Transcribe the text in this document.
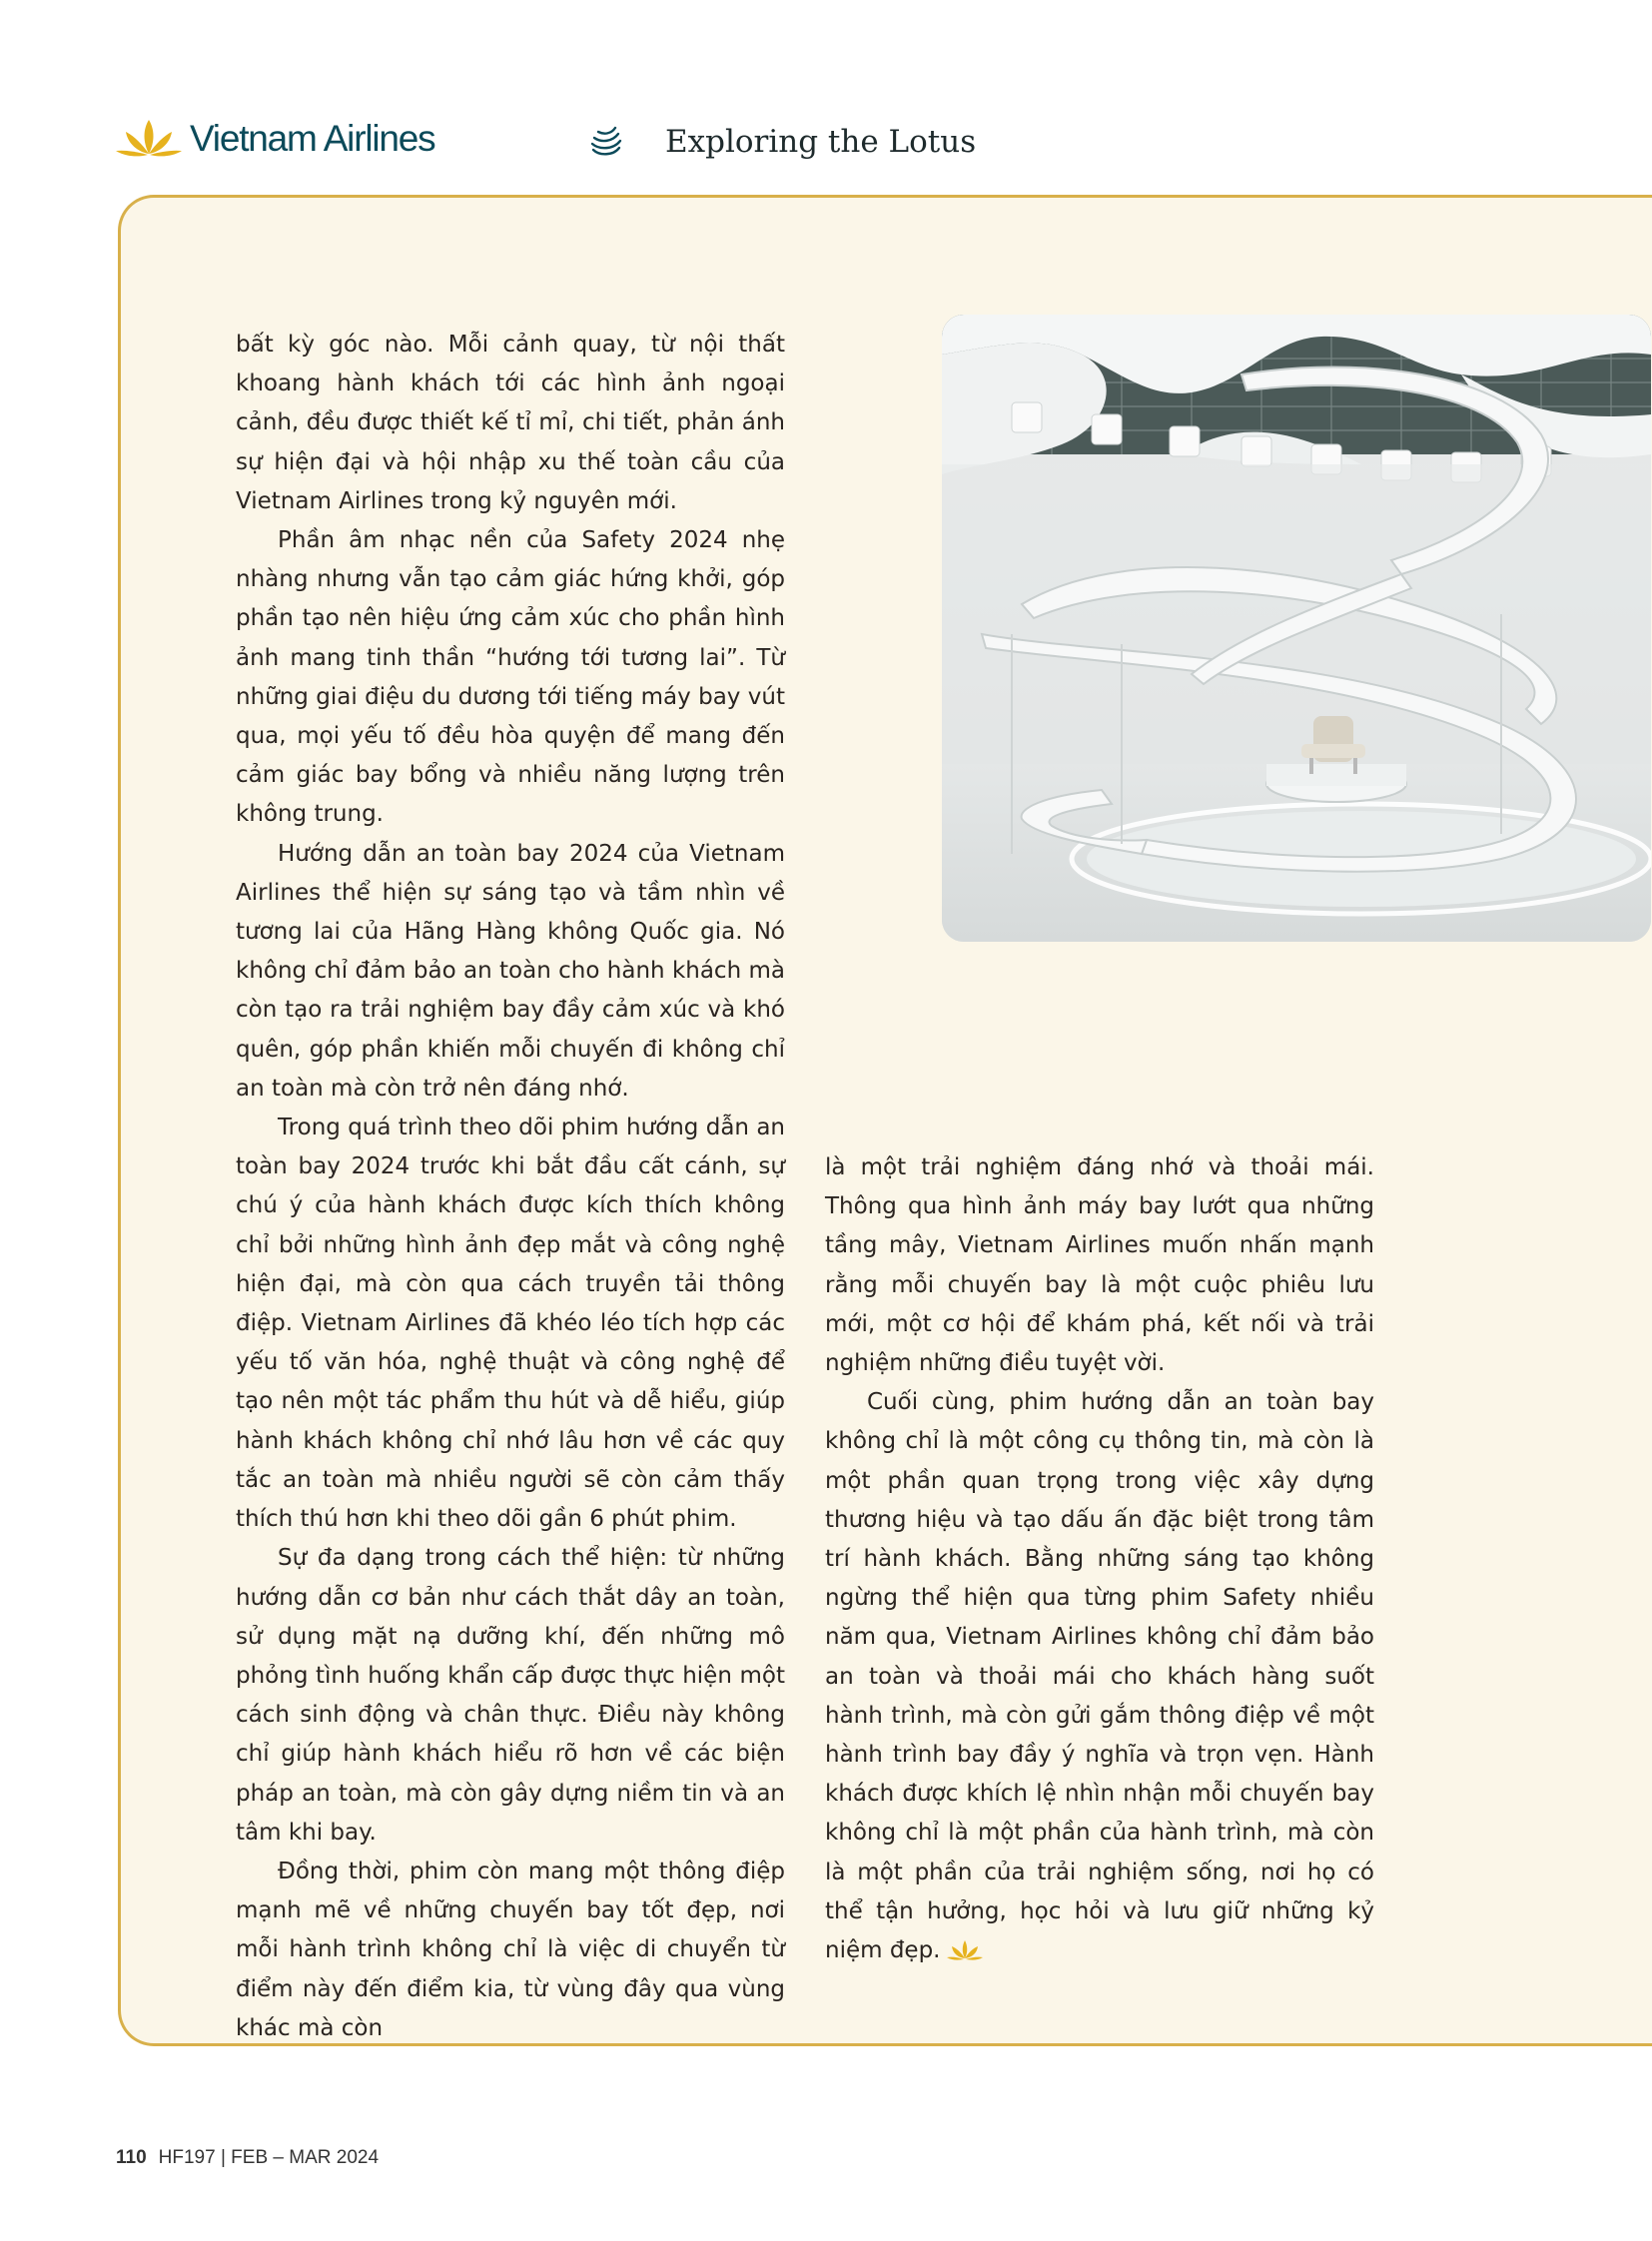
Vietnam Airlines	Exploring the Lotus

bất kỳ góc nào. Mỗi cảnh quay, từ nội thất khoang hành khách tới các hình ảnh ngoại cảnh, đều được thiết kế tỉ mỉ, chi tiết, phản ánh sự hiện đại và hội nhập xu thế toàn cầu của Vietnam Airlines trong kỷ nguyên mới.

Phần âm nhạc nền của Safety 2024 nhẹ nhàng nhưng vẫn tạo cảm giác hứng khởi, góp phần tạo nên hiệu ứng cảm xúc cho phần hình ảnh mang tinh thần “hướng tới tương lai”. Từ những giai điệu du dương tới tiếng máy bay vút qua, mọi yếu tố đều hòa quyện để mang đến cảm giác bay bổng và nhiều năng lượng trên không trung.

Hướng dẫn an toàn bay 2024 của Vietnam Airlines thể hiện sự sáng tạo và tầm nhìn về tương lai của Hãng Hàng không Quốc gia. Nó không chỉ đảm bảo an toàn cho hành khách mà còn tạo ra trải nghiệm bay đầy cảm xúc và khó quên, góp phần khiến mỗi chuyến đi không chỉ an toàn mà còn trở nên đáng nhớ.

Trong quá trình theo dõi phim hướng dẫn an toàn bay 2024 trước khi bắt đầu cất cánh, sự chú ý của hành khách được kích thích không chỉ bởi những hình ảnh đẹp mắt và công nghệ hiện đại, mà còn qua cách truyền tải thông điệp. Vietnam Airlines đã khéo léo tích hợp các yếu tố văn hóa, nghệ thuật và công nghệ để tạo nên một tác phẩm thu hút và dễ hiểu, giúp hành khách không chỉ nhớ lâu hơn về các quy tắc an toàn mà nhiều người sẽ còn cảm thấy thích thú hơn khi theo dõi gần 6 phút phim.

Sự đa dạng trong cách thể hiện: từ những hướng dẫn cơ bản như cách thắt dây an toàn, sử dụng mặt nạ dưỡng khí, đến những mô phỏng tình huống khẩn cấp được thực hiện một cách sinh động và chân thực. Điều này không chỉ giúp hành khách hiểu rõ hơn về các biện pháp an toàn, mà còn gây dựng niềm tin và an tâm khi bay.

Đồng thời, phim còn mang một thông điệp mạnh mẽ về những chuyến bay tốt đẹp, nơi mỗi hành trình không chỉ là việc di chuyển từ điểm này đến điểm kia, từ vùng đây qua vùng khác mà còn

là một trải nghiệm đáng nhớ và thoải mái. Thông qua hình ảnh máy bay lướt qua những tầng mây, Vietnam Airlines muốn nhấn mạnh rằng mỗi chuyến bay là một cuộc phiêu lưu mới, một cơ hội để khám phá, kết nối và trải nghiệm những điều tuyệt vời.

Cuối cùng, phim hướng dẫn an toàn bay không chỉ là một công cụ thông tin, mà còn là một phần quan trọng trong việc xây dựng thương hiệu và tạo dấu ấn đặc biệt trong tâm trí hành khách. Bằng những sáng tạo không ngừng thể hiện qua từng phim Safety nhiều năm qua, Vietnam Airlines không chỉ đảm bảo an toàn và thoải mái cho khách hàng suốt hành trình, mà còn gửi gắm thông điệp về một hành trình bay đầy ý nghĩa và trọn vẹn. Hành khách được khích lệ nhìn nhận mỗi chuyến bay không chỉ là một phần của hành trình, mà còn là một phần của trải nghiệm sống, nơi họ có thể tận hưởng, học hỏi và lưu giữ những kỷ niệm đẹp.

110 HF197 | FEB – MAR 2024
